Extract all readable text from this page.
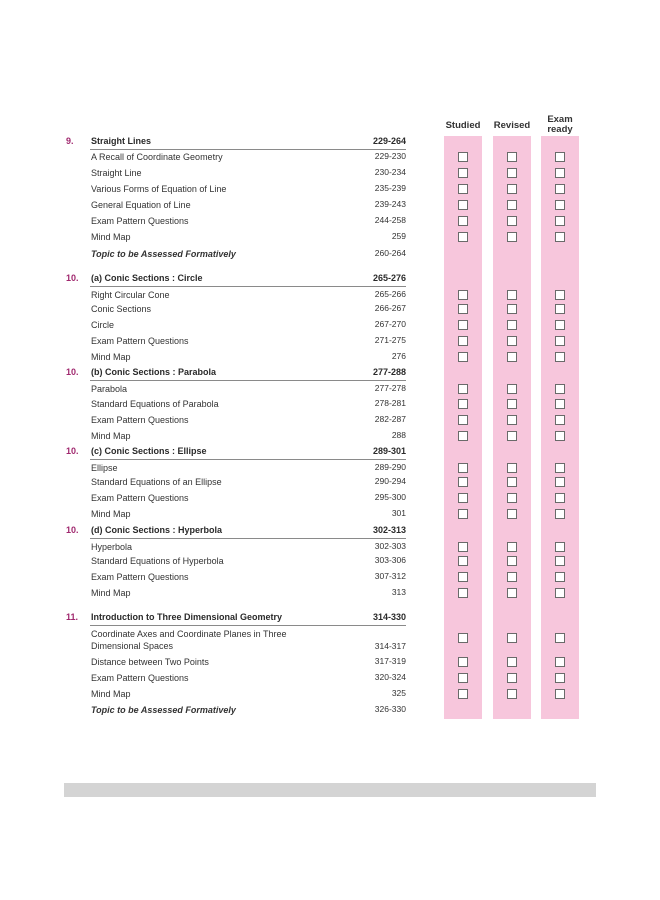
Studied	Revised
Exam ready
9. Straight Lines	229-264
A Recall of Coordinate Geometry	229-230
Straight Line	230-234
Various Forms of Equation of Line	235-239
General Equation of Line	239-243
Exam Pattern Questions	244-258
Mind Map	259
Topic to be Assessed Formatively	260-264
10. (a) Conic Sections : Circle	265-276
Right Circular Cone	265-266
Conic Sections	266-267
Circle	267-270
Exam Pattern Questions	271-275
Mind Map	276
10. (b) Conic Sections : Parabola	277-288
Parabola	277-278
Standard Equations of Parabola	278-281
Exam Pattern Questions	282-287
Mind Map	288
10. (c) Conic Sections : Ellipse	289-301
Ellipse	289-290
Standard Equations of an Ellipse	290-294
Exam Pattern Questions	295-300
Mind Map	301
10. (d) Conic Sections : Hyperbola	302-313
Hyperbola	302-303
Standard Equations of Hyperbola	303-306
Exam Pattern Questions	307-312
Mind Map	313
11. Introduction to Three Dimensional Geometry	314-330
Coordinate Axes and Coordinate Planes in Three
Dimensional Spaces	314-317
Distance between Two Points	317-319
Exam Pattern Questions	320-324
Mind Map	325
Topic to be Assessed Formatively	326-330
